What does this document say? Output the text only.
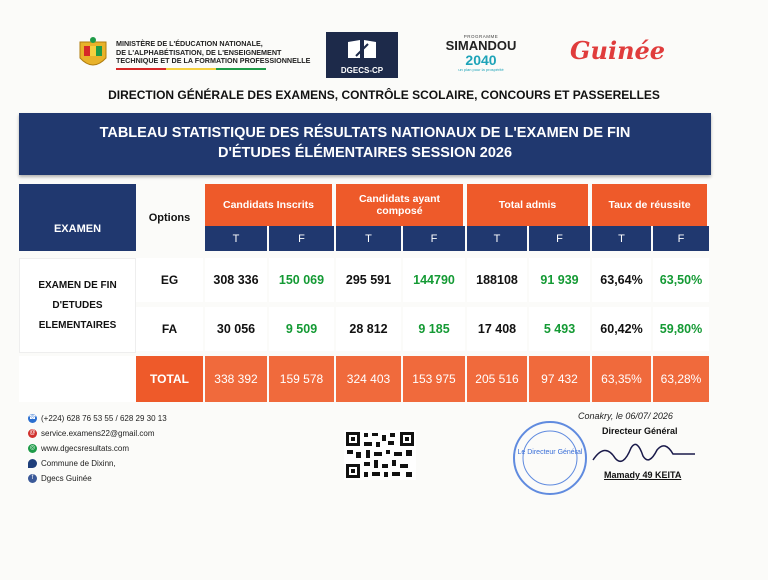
MINISTÈRE DE L'ÉDUCATION NATIONALE,
DE L'ALPHABÉTISATION, DE L'ENSEIGNEMENT
TECHNIQUE ET DE LA FORMATION PROFESSIONNELLE
DGECS-CP
PROGRAMME
SIMANDOU
2040
un plan pour la prospérité
Guinée
DIRECTION GÉNÉRALE DES EXAMENS, CONTRÔLE SCOLAIRE, CONCOURS ET PASSERELLES
TABLEAU STATISTIQUE DES RÉSULTATS NATIONAUX DE L'EXAMEN DE FIN
D'ÉTUDES ÉLÉMENTAIRES SESSION 2026
EXAMEN
Options
Candidats Inscrits	Candidats ayant composé	Total admis	Taux de réussite
T	F	T	F	T	F	T	F
EXAMEN DE FIN D'ETUDES ELEMENTAIRES
EG	308 336	150 069	295 591	144790	188108	91 939	63,64%	63,50%
FA	30 056	9 509	28 812	9 185	17 408	5 493	60,42%	59,80%
TOTAL	338 392	159 578	324 403	153 975	205 516	97 432	63,35%	63,28%
☎ (+224) 628 76 53 55 / 628 29 30 13
@ service.examens22@gmail.com
◎ www.dgecsresultats.com
Commune de Dixinn,
f Dgecs Guinée
Le Directeur Général
Conakry, le 06/07/ 2026
Directeur Général
Mamady 49 KEITA
